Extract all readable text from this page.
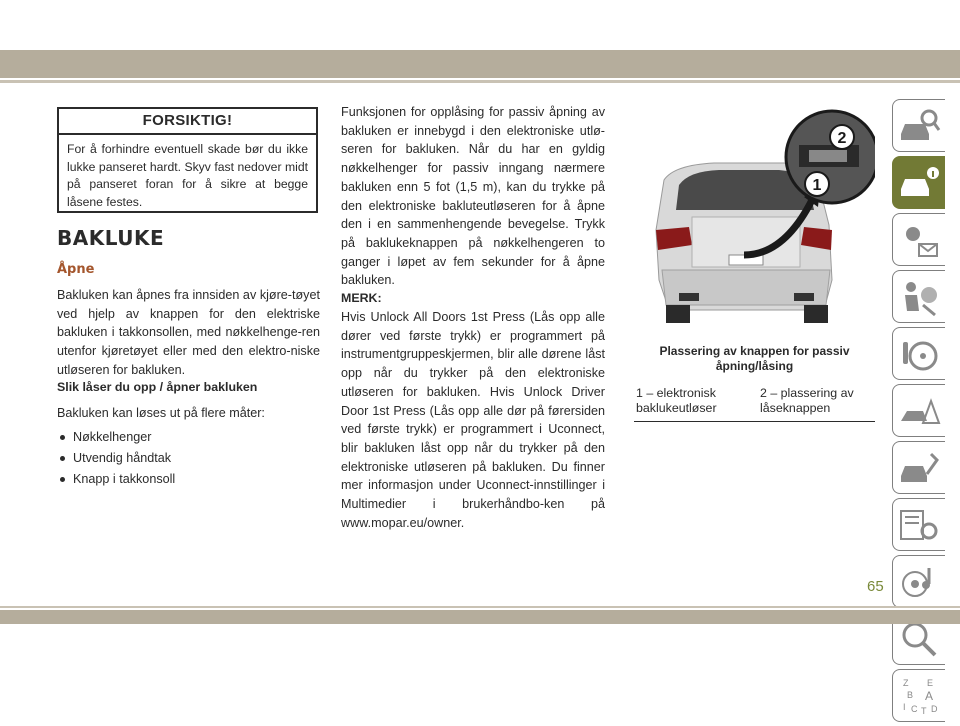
FORSIKTIG!
For å forhindre eventuell skade bør du ikke lukke panseret hardt. Skyv fast nedover midt på panseret foran for å sikre at begge låsene festes.
BAKLUKE
Åpne
Bakluken kan åpnes fra innsiden av kjøre-tøyet ved hjelp av knappen for den elektriske bakluken i takkonsollen, med nøkkelhenge-ren utenfor kjøretøyet eller med den elektro-niske utløseren for bakluken.
Slik låser du opp / åpner bakluken
Bakluken kan løses ut på flere måter:
Nøkkelhenger
Utvendig håndtak
Knapp i takkonsoll
Funksjonen for opplåsing for passiv åpning av bakluken er innebygd i den elektroniske utlø-seren for bakluken. Når du har en gyldig nøkkelhenger for passiv inngang nærmere bakluken enn 5 fot (1,5 m), kan du trykke på den elektroniske bakluteutløseren for å åpne den i en sammenhengende bevegelse. Trykk på baklukeknappen på nøkkelhengeren to ganger i løpet av fem sekunder for å åpne bakluken.
MERK:
Hvis Unlock All Doors 1st Press (Lås opp alle dører ved første trykk) er programmert på instrumentgruppeskjermen, blir alle dørene låst opp når du trykker på den elektroniske utløseren for bakluken. Hvis Unlock Driver Door 1st Press (Lås opp alle dør på førersiden ved første trykk) er programmert i Uconnect, blir bakluken låst opp når du trykker på den elektroniske utløseren på bakluken. Du finner mer informasjon under Uconnect-innstillinger i Multimedier i brukerhåndbo-ken på www.mopar.eu/owner.
2
1
Plassering av knappen for passiv åpning/låsing
1 – elektronisk baklukeutløser
2 – plassering av låseknappen
Z E
B A
I C T D
65
